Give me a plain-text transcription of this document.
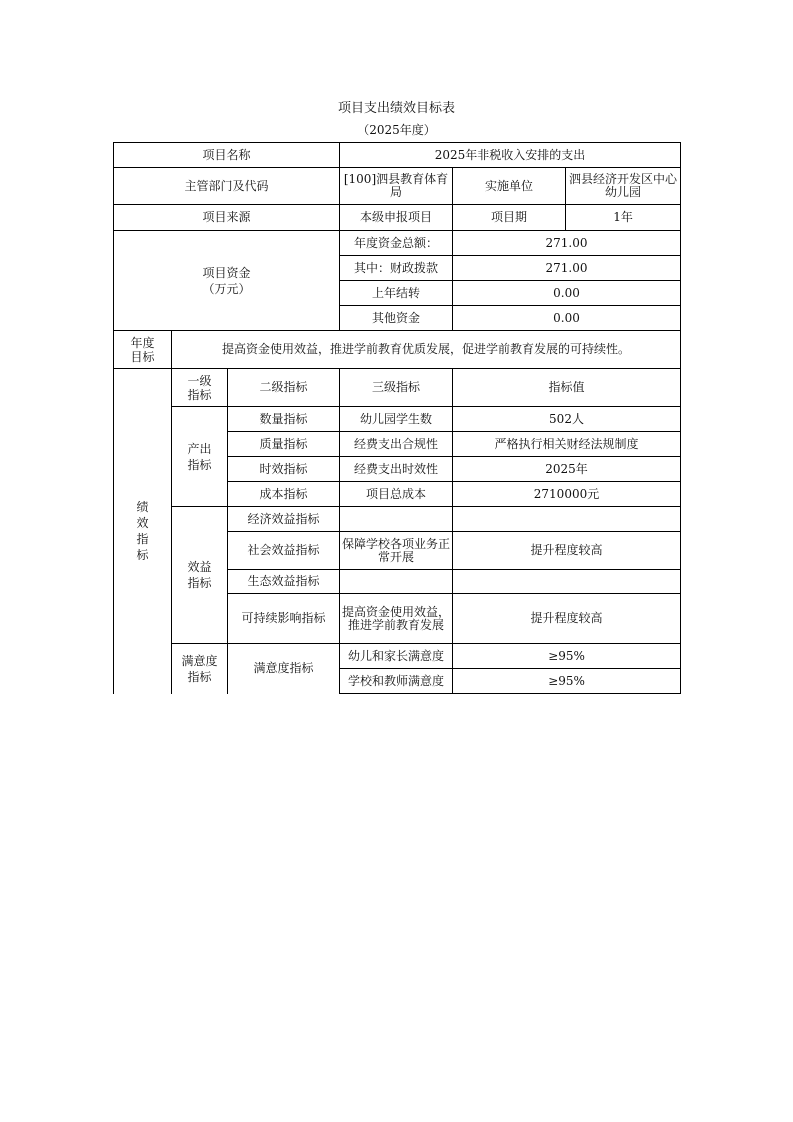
项目支出绩效目标表
（2025年度）
项目名称			2025年非税收入安排的支出		
主管部门及代码			[100]泗县教育体育局	实施单位	泗县经济开发区中心幼儿园
项目来源			本级申报项目	项目期	1年

项目资金（万元）			年度资金总额：	271.00	
			其中：财政拨款	271.00	
			上年结转	0.00	
			其他资金	0.00	

年度目标	提高资金使用效益，推进学前教育优质发展，促进学前教育发展的可持续性。				

绩效指标	一级指标	二级指标	三级指标	指标值	

	产出指标	数量指标	幼儿园学生数	502人	
		质量指标	经费支出合规性	严格执行相关财经法规制度	
		时效指标	经费支出时效性	2025年	
		成本指标	项目总成本	2710000元	

	效益指标	经济效益指标			
		社会效益指标	保障学校各项业务正常开展	提升程度较高	
		生态效益指标			
		可持续影响指标	提高资金使用效益，推进学前教育发展	提升程度较高	

	满意度指标	满意度指标	幼儿和家长满意度	≥95%	
			学校和教师满意度	≥95%	
